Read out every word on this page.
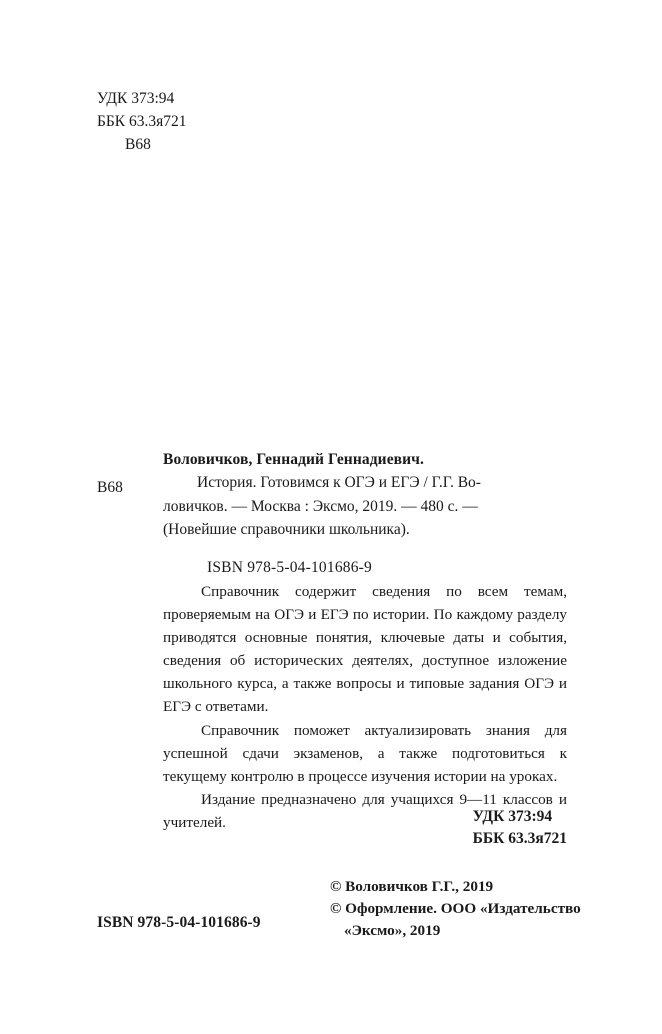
УДК 373:94
ББК 63.3я721
В68
В68
Воловичков, Геннадий Геннадиевич.
История. Готовимся к ОГЭ и ЕГЭ / Г.Г. Во-
ловичков. — Москва : Эксмо, 2019. — 480 с. —
(Новейшие справочники школьника).
ISBN 978-5-04-101686-9

Справочник содержит сведения по всем темам, проверяемым на ОГЭ и ЕГЭ по истории. По каждому разделу приводятся основные понятия, ключевые даты и события, сведения об исторических деятелях, доступное изложение школьного курса, а также вопросы и типовые задания ОГЭ и ЕГЭ с ответами.

Справочник поможет актуализировать знания для успешной сдачи экзаменов, а также подготовиться к текущему контролю в процессе изучения истории на уроках.

Издание предназначено для учащихся 9—11 классов и учителей.	УДК 373:94
ББК 63.3я721
© Воловичков Г.Г., 2019
© Оформление. ООО «Издательство
«Эксмо», 2019
ISBN 978-5-04-101686-9
